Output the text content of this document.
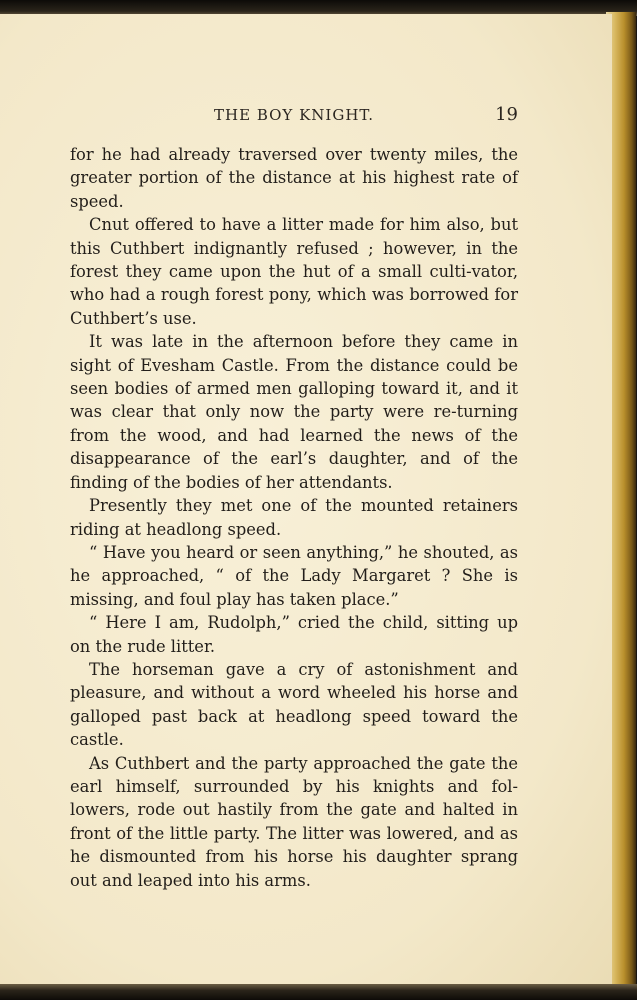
THE BOY KNIGHT.	19

for he had already traversed over twenty miles, the greater portion of the distance at his highest rate of speed.

Cnut offered to have a litter made for him also, but this Cuthbert indignantly refused ; however, in the forest they came upon the hut of a small culti-vator, who had a rough forest pony, which was borrowed for Cuthbert’s use.

It was late in the afternoon before they came in sight of Evesham Castle. From the distance could be seen bodies of armed men galloping toward it, and it was clear that only now the party were re-turning from the wood, and had learned the news of the disappearance of the earl’s daughter, and of the finding of the bodies of her attendants.

Presently they met one of the mounted retainers riding at headlong speed.

“ Have you heard or seen anything,” he shouted, as he approached, “ of the Lady Margaret ? She is missing, and foul play has taken place.”

“ Here I am, Rudolph,” cried the child, sitting up on the rude litter.

The horseman gave a cry of astonishment and pleasure, and without a word wheeled his horse and galloped past back at headlong speed toward the castle.

As Cuthbert and the party approached the gate the earl himself, surrounded by his knights and fol-lowers, rode out hastily from the gate and halted in front of the little party. The litter was lowered, and as he dismounted from his horse his daughter sprang out and leaped into his arms.
